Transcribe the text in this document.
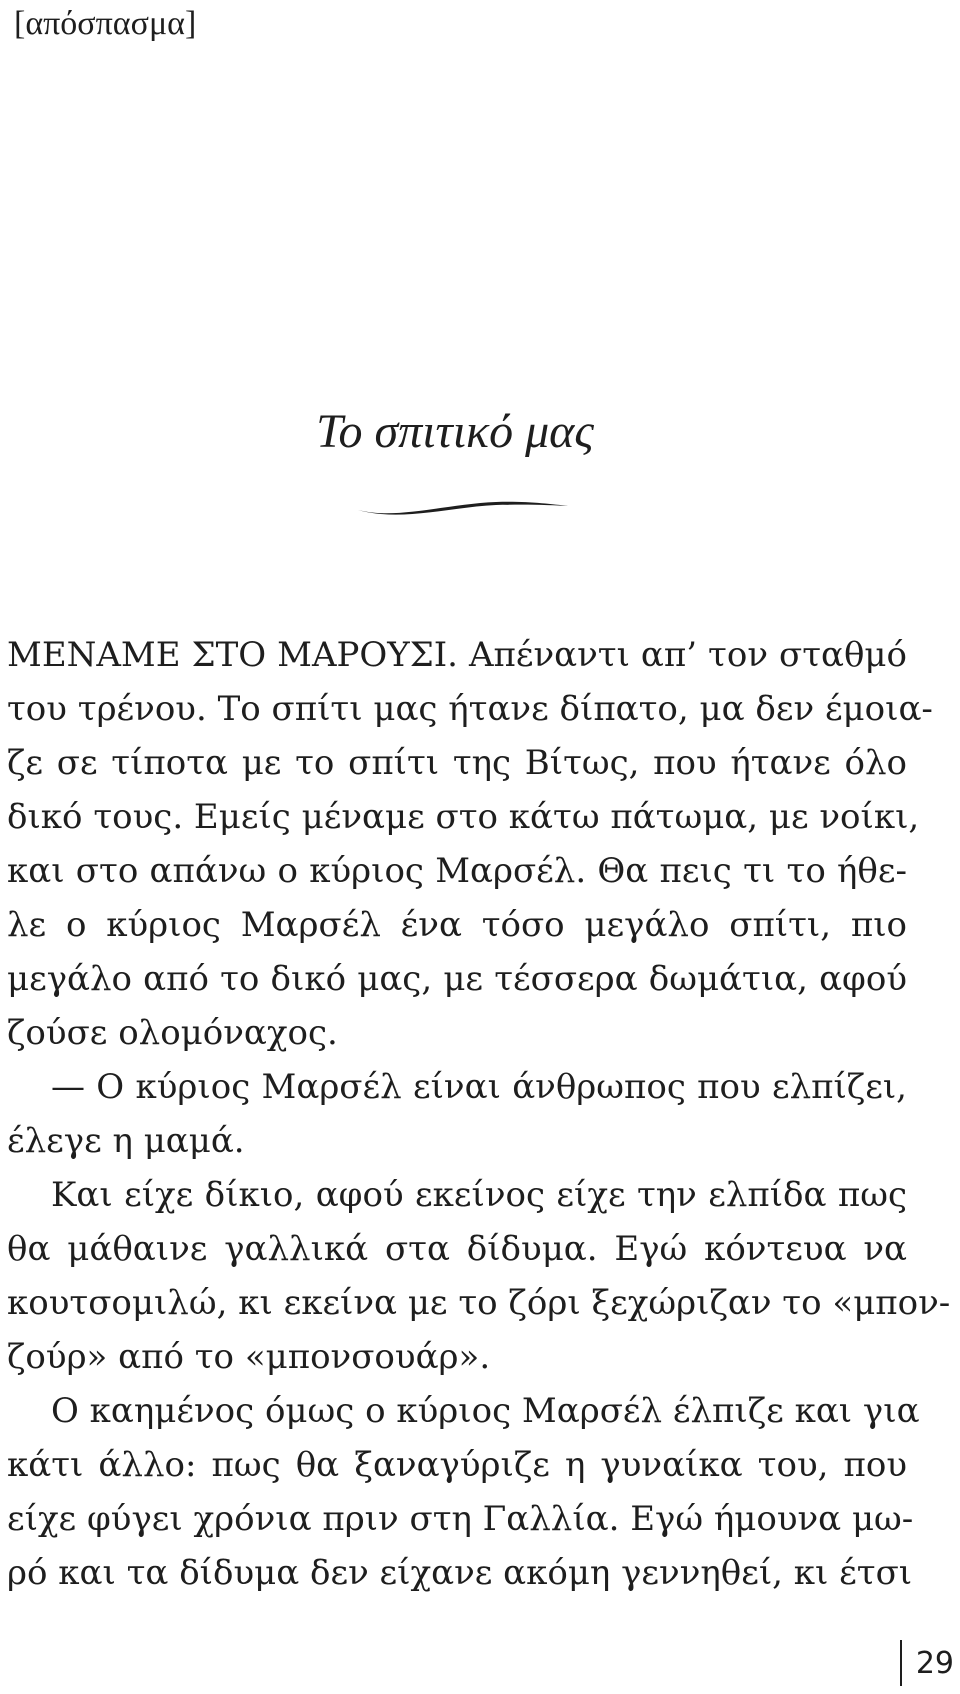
[απόσπασμα]
Το σπιτικό μας
ΜΕΝΑΜΕ ΣΤΟ ΜΑΡΟΥΣΙ. Απέναντι απ’ τον σταθμό
του τρένου. Το σπίτι μας ήτανε δίπατο, μα δεν έμοια-
ζε σε τίποτα με το σπίτι της Βίτως, που ήτανε όλο
δικό τους. Εμείς μέναμε στο κάτω πάτωμα, με νοίκι,
και στο απάνω ο κύριος Μαρσέλ. Θα πεις τι το ήθε-
λε ο κύριος Μαρσέλ ένα τόσο μεγάλο σπίτι, πιο
μεγάλο από το δικό μας, με τέσσερα δωμάτια, αφού
ζούσε ολομόναχος.
— Ο κύριος Μαρσέλ είναι άνθρωπος που ελπίζει,
έλεγε η μαμά.
Και είχε δίκιο, αφού εκείνος είχε την ελπίδα πως
θα μάθαινε γαλλικά στα δίδυμα. Εγώ κόντευα να
κουτσομιλώ, κι εκείνα με το ζόρι ξεχώριζαν το «μπον-
ζούρ» από το «μπονσουάρ».
Ο καημένος όμως ο κύριος Μαρσέλ έλπιζε και για
κάτι άλλο: πως θα ξαναγύριζε η γυναίκα του, που
είχε φύγει χρόνια πριν στη Γαλλία. Εγώ ήμουνα μω-
ρό και τα δίδυμα δεν είχανε ακόμη γεννηθεί, κι έτσι
29
